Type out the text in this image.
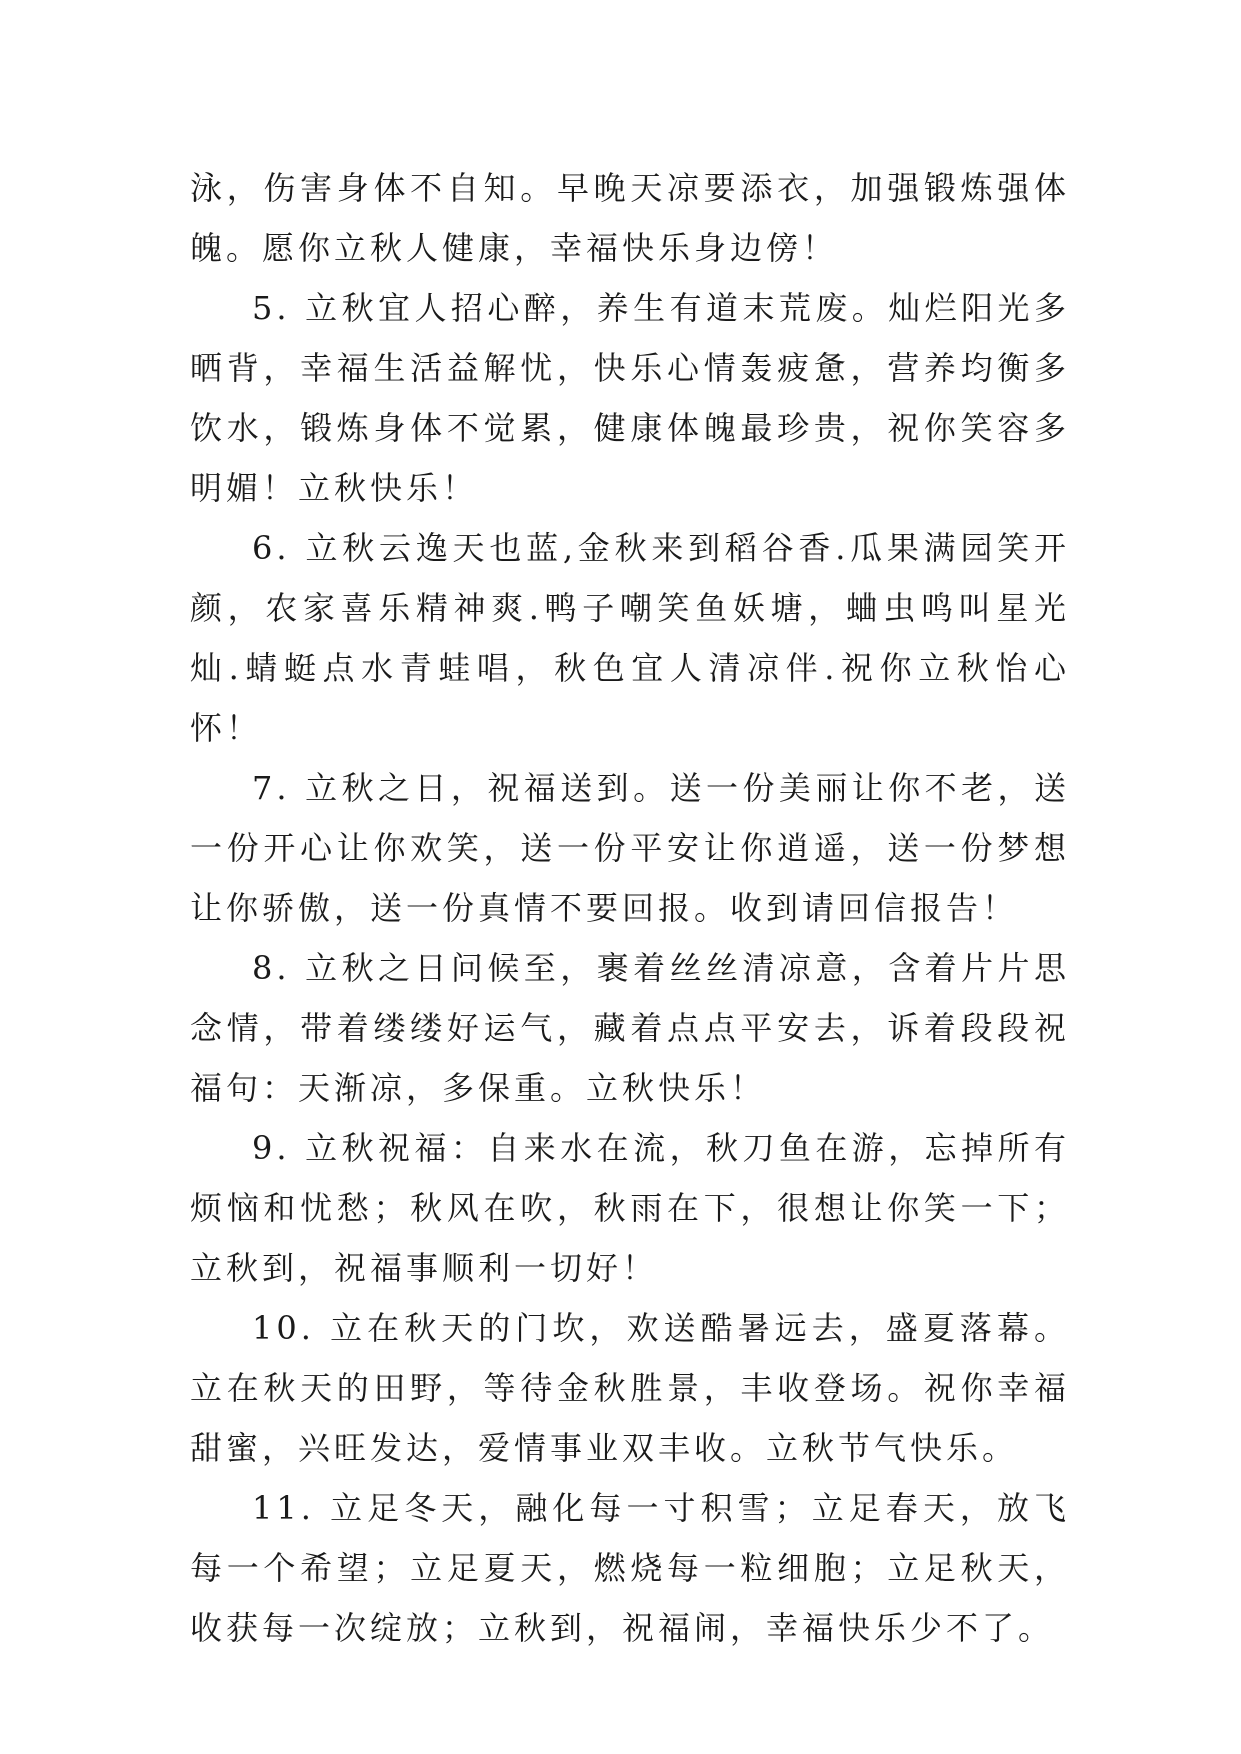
泳，伤害身体不自知。早晚天凉要添衣，加强锻炼强体魄。愿你立秋人健康，幸福快乐身边傍！

5. 立秋宜人招心醉，养生有道末荒废。灿烂阳光多晒背，幸福生活益解忧，快乐心情轰疲惫，营养均衡多饮水，锻炼身体不觉累，健康体魄最珍贵，祝你笑容多明媚！立秋快乐！

6. 立秋云逸天也蓝,金秋来到稻谷香.瓜果满园笑开颜，农家喜乐精神爽.鸭子嘲笑鱼妖塘，蛐虫鸣叫星光灿.蜻蜓点水青蛙唱，秋色宜人清凉伴.祝你立秋怡心怀！

7. 立秋之日，祝福送到。送一份美丽让你不老，送一份开心让你欢笑，送一份平安让你逍遥，送一份梦想让你骄傲，送一份真情不要回报。收到请回信报告！

8. 立秋之日问候至，裹着丝丝清凉意，含着片片思念情，带着缕缕好运气，藏着点点平安去，诉着段段祝福句：天渐凉，多保重。立秋快乐！

9. 立秋祝福：自来水在流，秋刀鱼在游，忘掉所有烦恼和忧愁；秋风在吹，秋雨在下，很想让你笑一下；立秋到，祝福事顺利一切好！

10. 立在秋天的门坎，欢送酷暑远去，盛夏落幕。立在秋天的田野，等待金秋胜景，丰收登场。祝你幸福甜蜜，兴旺发达，爱情事业双丰收。立秋节气快乐。

11. 立足冬天，融化每一寸积雪；立足春天，放飞每一个希望；立足夏天，燃烧每一粒细胞；立足秋天，收获每一次绽放；立秋到，祝福闹，幸福快乐少不了。
